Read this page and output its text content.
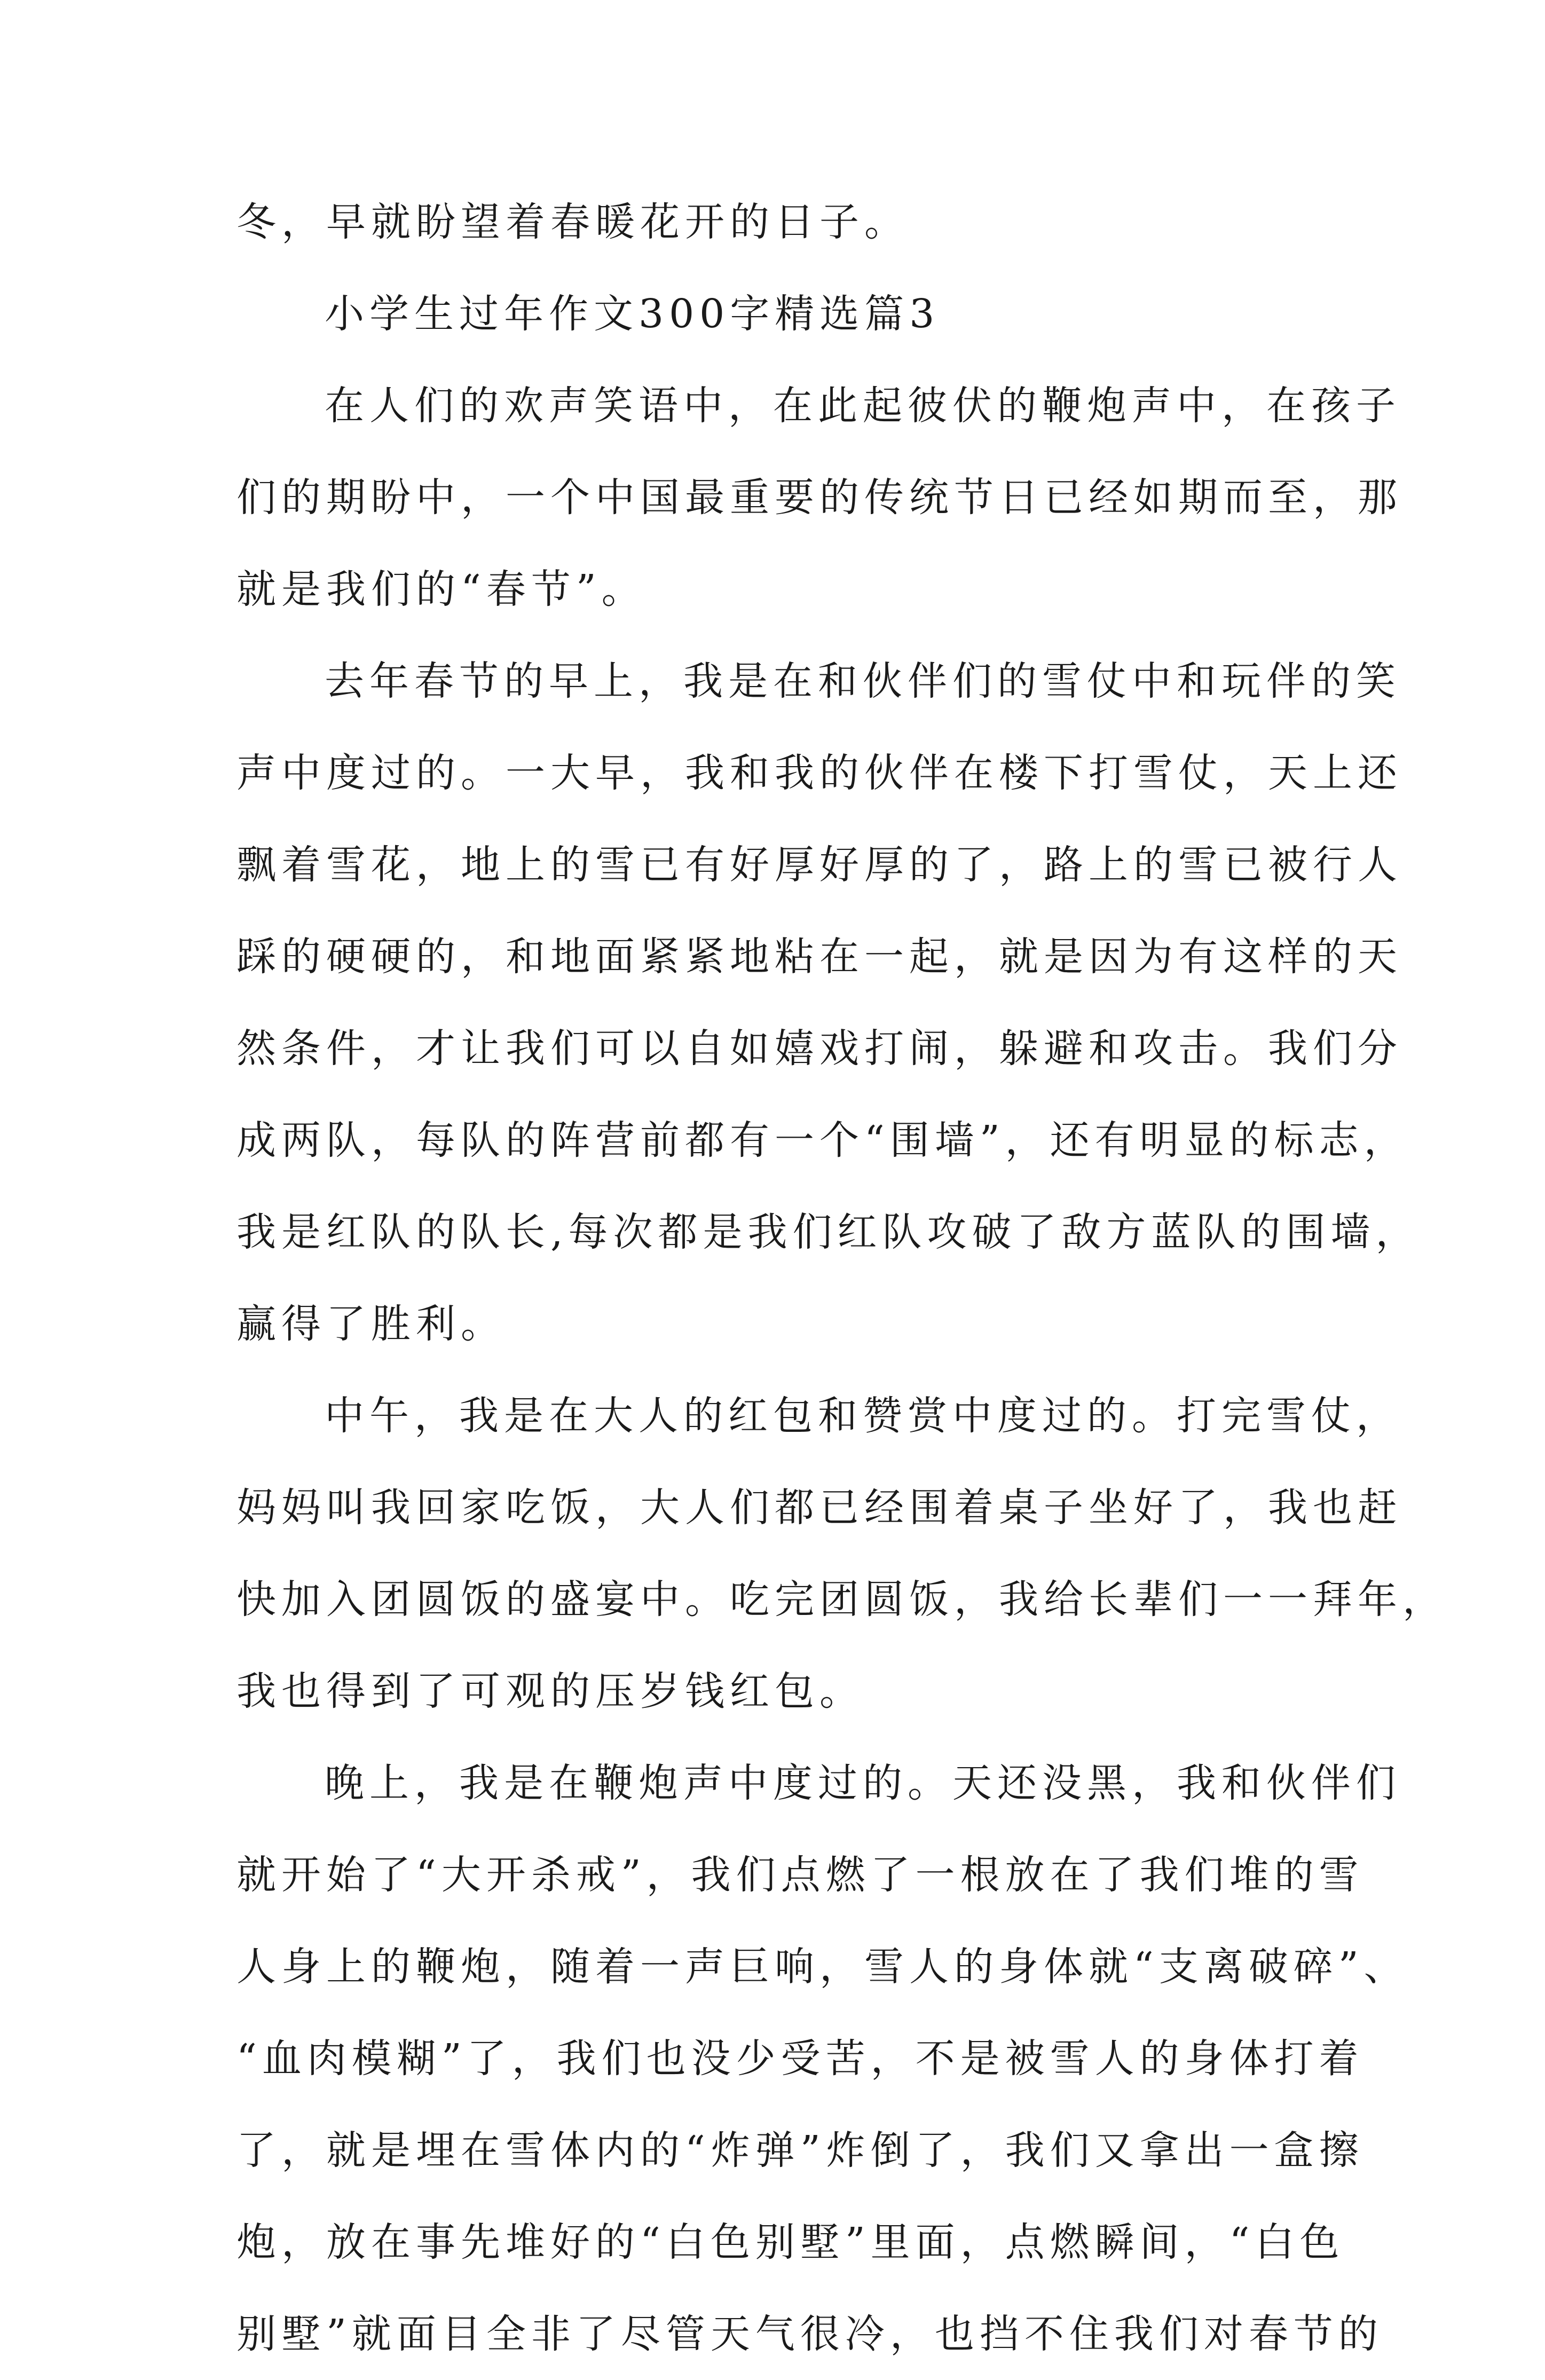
冬，早就盼望着春暖花开的日子。
小学生过年作文300字精选篇3
在人们的欢声笑语中，在此起彼伏的鞭炮声中，在孩子
们的期盼中，一个中国最重要的传统节日已经如期而至，那
就是我们的“春节”。
去年春节的早上，我是在和伙伴们的雪仗中和玩伴的笑
声中度过的。一大早，我和我的伙伴在楼下打雪仗，天上还
飘着雪花，地上的雪已有好厚好厚的了，路上的雪已被行人
踩的硬硬的，和地面紧紧地粘在一起，就是因为有这样的天
然条件，才让我们可以自如嬉戏打闹，躲避和攻击。我们分
成两队，每队的阵营前都有一个“围墙”，还有明显的标志，
我是红队的队长,每次都是我们红队攻破了敌方蓝队的围墙，
赢得了胜利。
中午，我是在大人的红包和赞赏中度过的。打完雪仗，
妈妈叫我回家吃饭，大人们都已经围着桌子坐好了，我也赶
快加入团圆饭的盛宴中。吃完团圆饭，我给长辈们一一拜年，
我也得到了可观的压岁钱红包。
晚上，我是在鞭炮声中度过的。天还没黑，我和伙伴们
就开始了“大开杀戒”，我们点燃了一根放在了我们堆的雪
人身上的鞭炮，随着一声巨响，雪人的身体就“支离破碎”、
“血肉模糊”了，我们也没少受苦，不是被雪人的身体打着
了，就是埋在雪体内的“炸弹”炸倒了，我们又拿出一盒擦
炮，放在事先堆好的“白色别墅”里面，点燃瞬间，“白色
别墅”就面目全非了尽管天气很冷，也挡不住我们对春节的
